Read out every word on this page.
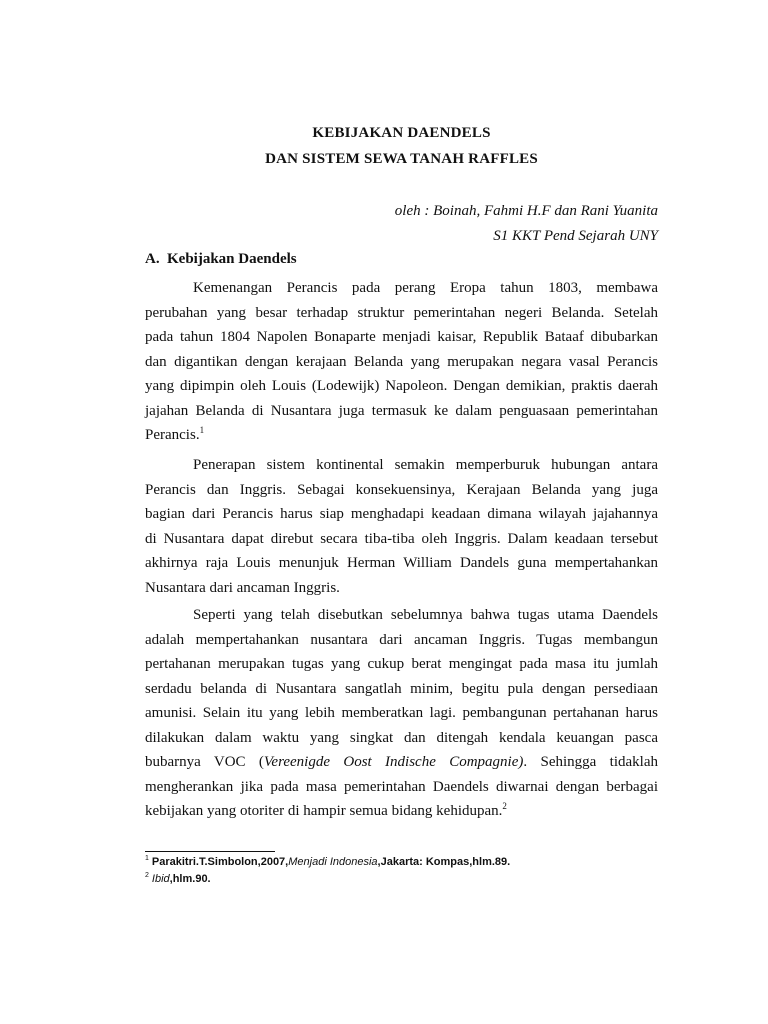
KEBIJAKAN DAENDELS
DAN SISTEM SEWA TANAH RAFFLES

oleh : Boinah, Fahmi H.F dan Rani Yuanita

S1 KKT Pend Sejarah UNY

A. Kebijakan Daendels
Kemenangan Perancis pada perang Eropa tahun 1803, membawa
perubahan yang besar terhadap struktur pemerintahan negeri Belanda. Setelah
pada tahun 1804 Napolen Bonaparte menjadi kaisar, Republik Bataaf dibubarkan
dan digantikan dengan kerajaan Belanda yang merupakan negara vasal Perancis
yang dipimpin oleh Louis (Lodewijk) Napoleon. Dengan demikian, praktis daerah
jajahan Belanda di Nusantara juga termasuk ke dalam penguasaan pemerintahan
Perancis.$^1$
Penerapan sistem kontinental semakin memperburuk hubungan antara
Perancis dan Inggris. Sebagai konsekuensinya, Kerajaan Belanda yang juga
bagian dari Perancis harus siap menghadapi keadaan dimana wilayah jajahannya
di Nusantara dapat direbut secara tiba-tiba oleh Inggris. Dalam keadaan tersebut
akhirnya raja Louis menunjuk Herman William Dandels guna mempertahankan
Nusantara dari ancaman Inggris.
Seperti yang telah disebutkan sebelumnya bahwa tugas utama Daendels
adalah mempertahankan nusantara dari ancaman Inggris. Tugas membangun
pertahanan merupakan tugas yang cukup berat mengingat pada masa itu jumlah
serdadu belanda di Nusantara sangatlah minim, begitu pula dengan persediaan
amunisi. Selain itu yang lebih memberatkan lagi. pembangunan pertahanan harus
dilakukan dalam waktu yang singkat dan ditengah kendala keuangan pasca
bubarnya VOC (Vereenigde Oost Indische Compagnie). Sehingga tidaklah
mengherankan jika pada masa pemerintahan Daendels diwarnai dengan berbagai
kebijakan yang otoriter di hampir semua bidang kehidupan.$^2$

$^1$ Parakitri.T.Simbolon,2007,Menjadi Indonesia,Jakarta: Kompas,hlm.89.

$^2$ Ibid,hlm.90.
